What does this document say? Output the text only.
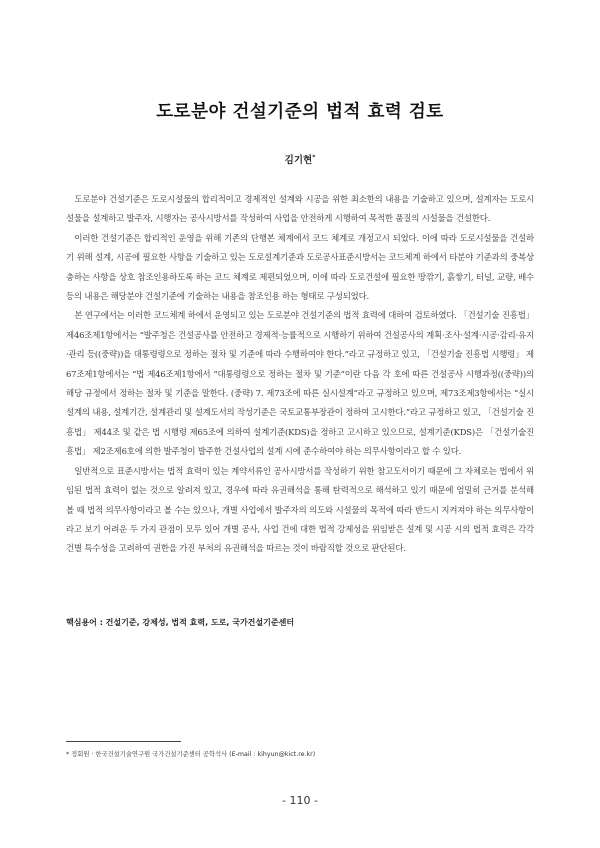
도로분야 건설기준의 법적 효력 검토
김기현*

도로분야 건설기준은 도로시설물의 합리적이고 경제적인 설계와 시공을 위한 최소한의 내용을 기술하고 있으며, 설계자는 도로시설물을 설계하고 발주자, 시행자는 공사시방서를 작성하여 사업을 안전하게 시행하여 목적한 품질의 시설물을 건설한다.

이러한 건설기준은 합리적인 운영을 위해 기존의 단행본 체계에서 코드 체계로 개정고시 되었다. 이에 따라 도로시설물을 건설하기 위해 설계, 시공에 필요한 사항을 기술하고 있는 도로설계기준과 도로공사표준시방서는 코드체계 하에서 타분야 기준과의 중복상충하는 사항을 상호 참조인용하도록 하는 코드 체계로 제편되었으며, 이에 따라 도로건설에 필요한 땅깎기, 흙쌓기, 터널, 교량, 배수 등의 내용은 해당분야 건설기준에 기술하는 내용을 참조인용 하는 형태로 구성되었다.

본 연구에서는 이러한 코드체계 하에서 운영되고 있는 도로분야 건설기준의 법적 효력에 대하여 검토하였다. 「건설기술 진흥법」 제46조제1항에서는 “발주청은 건설공사를 안전하고 경제적·능률적으로 시행하기 위하여 건설공사의 계획·조사·설계·시공·감리·유지·관리 등((중략))을 대통령령으로 정하는 절차 및 기준에 따라 수행하여야 한다.”라고 규정하고 있고, 「건설기술 진흥법 시행령」 제67조제1항에서는 “법 제46조제1항에서 “대통령령으로 정하는 절차 및 기준”이란 다음 각 호에 따른 건설공사 시행과정((중략))의 해당 규정에서 정하는 절차 및 기준을 말한다. (중략) 7. 제73조에 따른 실시설계”라고 규정하고 있으며, 제73조제3항에서는 “실시설계의 내용, 설계기간, 설계관리 및 설계도서의 작성기준은 국토교통부장관이 정하여 고시한다.”라고 규정하고 있고, 「건설기술 진흥법」 제44조 및 같은 법 시행령 제65조에 의하여 설계기준(KDS)을 정하고 고시하고 있으므로, 설계기준(KDS)은 「건설기술진흥법」 제2조제6호에 의한 발주청이 발주한 건설사업의 설계 시에 준수하여야 하는 의무사항이라고 할 수 있다.

일반적으로 표준시방서는 법적 효력이 있는 계약서류인 공사시방서를 작성하기 위한 참고도서이기 때문에 그 자체로는 법에서 위임된 법적 효력이 없는 것으로 알려져 있고, 경우에 따라 유권해석을 통해 탄력적으로 해석하고 있기 때문에 엄밀히 근거를 분석해 볼 때 법적 의무사항이라고 볼 수는 있으나, 개별 사업에서 발주자의 의도와 시설물의 목적에 따라 반드시 지켜져야 하는 의무사항이라고 보기 어려운 두 가지 관점이 모두 있어 개별 공사, 사업 건에 대한 법적 강제성을 위임받은 설계 및 시공 시의 법적 효력은 각각 건별 특수성을 고려하여 권한을 가진 부처의 유권해석을 따르는 것이 바람직할 것으로 판단된다.

핵심용어 : 건설기준, 강제성, 법적 효력, 도로, 국가건설기준센터
* 정회원 · 한국건설기술연구원 국가건설기준센터 공학석사 (E-mail : kihyun@kict.re.kr)
- 110 -
